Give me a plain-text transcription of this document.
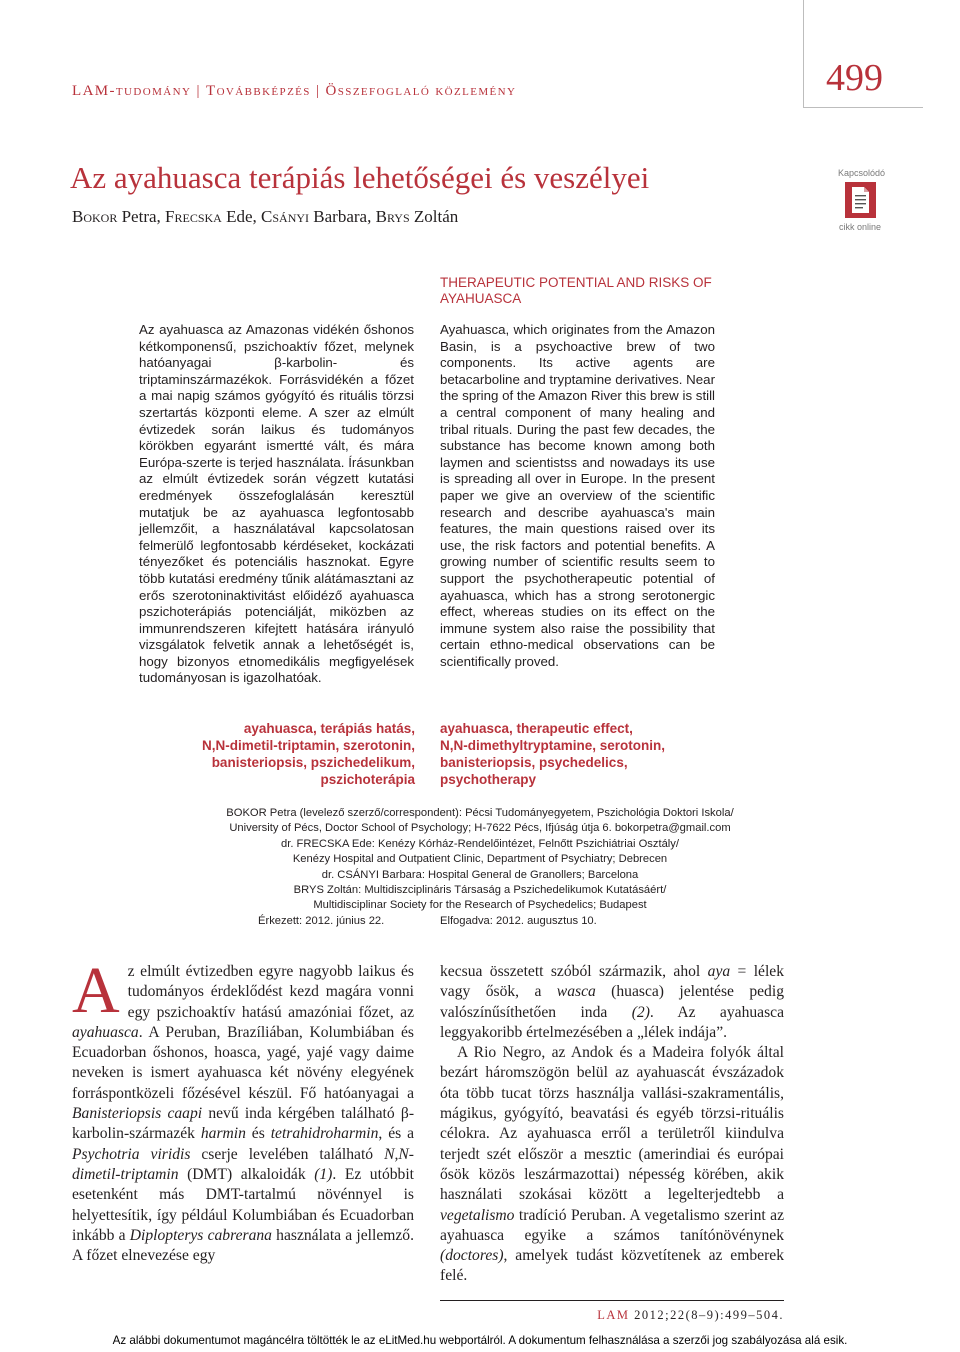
LAM-tudomány | Továbbképzés | Összefoglaló közlemény	499
Az ayahuasca terápiás lehetőségei és veszélyei
Bokor Petra, Frecska Ede, Csányi Barbara, Brys Zoltán
Kapcsolódó
cikk online
THERAPEUTIC POTENTIAL AND RISKS OF AYAHUASCA
Az ayahuasca az Amazonas vidékén őshonos kétkomponensű, pszichoaktív főzet, melynek hatóanyagai β-karbolin- és triptaminszármazékok. Forrásvidékén a főzet a mai napig számos gyógyító és rituális törzsi szertartás központi eleme. A szer az elmúlt évtizedek során laikus és tudományos körökben egyaránt ismertté vált, és mára Európa-szerte is terjed használata. Írásunkban az elmúlt évtizedek során végzett kutatási eredmények összefoglalásán keresztül mutatjuk be az ayahuasca legfontosabb jellemzőit, a használatával kapcsolatosan felmerülő legfontosabb kérdéseket, kockázati tényezőket és potenciális hasznokat. Egyre több kutatási eredmény tűnik alátámasztani az erős szerotoninaktivitást előidéző ayahuasca pszichoterápiás potenciálját, miközben az immunrendszeren kifejtett hatására irányuló vizsgálatok felvetik annak a lehetőségét is, hogy bizonyos etnomedikális megfigyelések tudományosan is igazolhatóak.
Ayahuasca, which originates from the Amazon Basin, is a psychoactive brew of two components. Its active agents are betacarboline and tryptamine derivatives. Near the spring of the Amazon River this brew is still a central component of many healing and tribal rituals. During the past few decades, the substance has become known among both laymen and scientistss and nowadays its use is spreading all over in Europe. In the present paper we give an overview of the scientific research and describe ayahuasca's main features, the main questions raised over its use, the risk factors and potential benefits. A growing number of scientific results seem to support the psychotherapeutic potential of ayahuasca, which has a strong serotonergic effect, whereas studies on its effect on the immune system also raise the possibility that certain ethno-medical observations can be scientifically proved.
ayahuasca, terápiás hatás,
N,N-dimetil-triptamin, szerotonin,
banisteriopsis, pszichedelikum,
pszichoterápia
ayahuasca, therapeutic effect,
N,N-dimethyltryptamine, serotonin,
banisteriopsis, psychedelics,
psychotherapy
BOKOR Petra (levelező szerző/correspondent): Pécsi Tudományegyetem, Pszichológia Doktori Iskola/
University of Pécs, Doctor School of Psychology; H-7622 Pécs, Ifjúság útja 6. bokorpetra@gmail.com
dr. FRECSKA Ede: Kenézy Kórház-Rendelőintézet, Felnőtt Pszichiátriai Osztály/
Kenézy Hospital and Outpatient Clinic, Department of Psychiatry; Debrecen
dr. CSÁNYI Barbara: Hospital General de Granollers; Barcelona
BRYS Zoltán: Multidiszciplináris Társaság a Pszichedelikumok Kutatásáért/
Multidisciplinar Society for the Research of Psychedelics; Budapest
Érkezett: 2012. június 22.	Elfogadva: 2012. augusztus 10.

Az elmúlt évtizedben egyre nagyobb laikus és tudományos érdeklődést kezd magára vonni egy pszichoaktív hatású amazóniai főzet, az ayahuasca. A Peruban, Brazíliában, Kolumbiában és Ecuadorban őshonos, hoasca, yagé, yajé vagy daime neveken is ismert ayahuasca két növény elegyének forráspontközeli főzésével készül. Fő hatóanyagai a Banisteriopsis caapi nevű inda kérgében található β-karbolin-származék harmin és tetrahidroharmin, és a Psychotria viridis cserje levelében található N,N-dimetil-triptamin (DMT) alkaloidák (1). Ez utóbbit esetenként más DMT-tartalmú növénnyel is helyettesítik, így például Kolumbiában és Ecuadorban inkább a Diplopterys cabrerana használata a jellemző. A főzet elnevezése egy

kecsua összetett szóból származik, ahol aya = lélek vagy ősök, a wasca (huasca) jelentése pedig valószínűsíthetően inda (2). Az ayahuasca leggyakoribb értelmezésében a „lélek indája”.

A Rio Negro, az Andok és a Madeira folyók által bezárt háromszögön belül az ayahuascát évszázadok óta több tucat törzs használja vallási-szakramentális, mágikus, gyógyító, beavatási és egyéb törzsi-rituális célokra. Az ayahuasca erről a területről kiindulva terjedt szét először a mesztic (amerindiai és európai ősök közös leszármazottai) népesség körében, akik használati szokásai között a legelterjedtebb a vegetalismo tradíció Peruban. A vegetalismo szerint az ayahuasca egyike a számos tanítónövénynek (doctores), amelyek tudást közvetítenek az emberek felé.

LAM 2012;22(8–9):499–504.
Az alábbi dokumentumot magáncélra töltötték le az eLitMed.hu webportálról. A dokumentum felhasználása a szerzői jog szabályozása alá esik.
